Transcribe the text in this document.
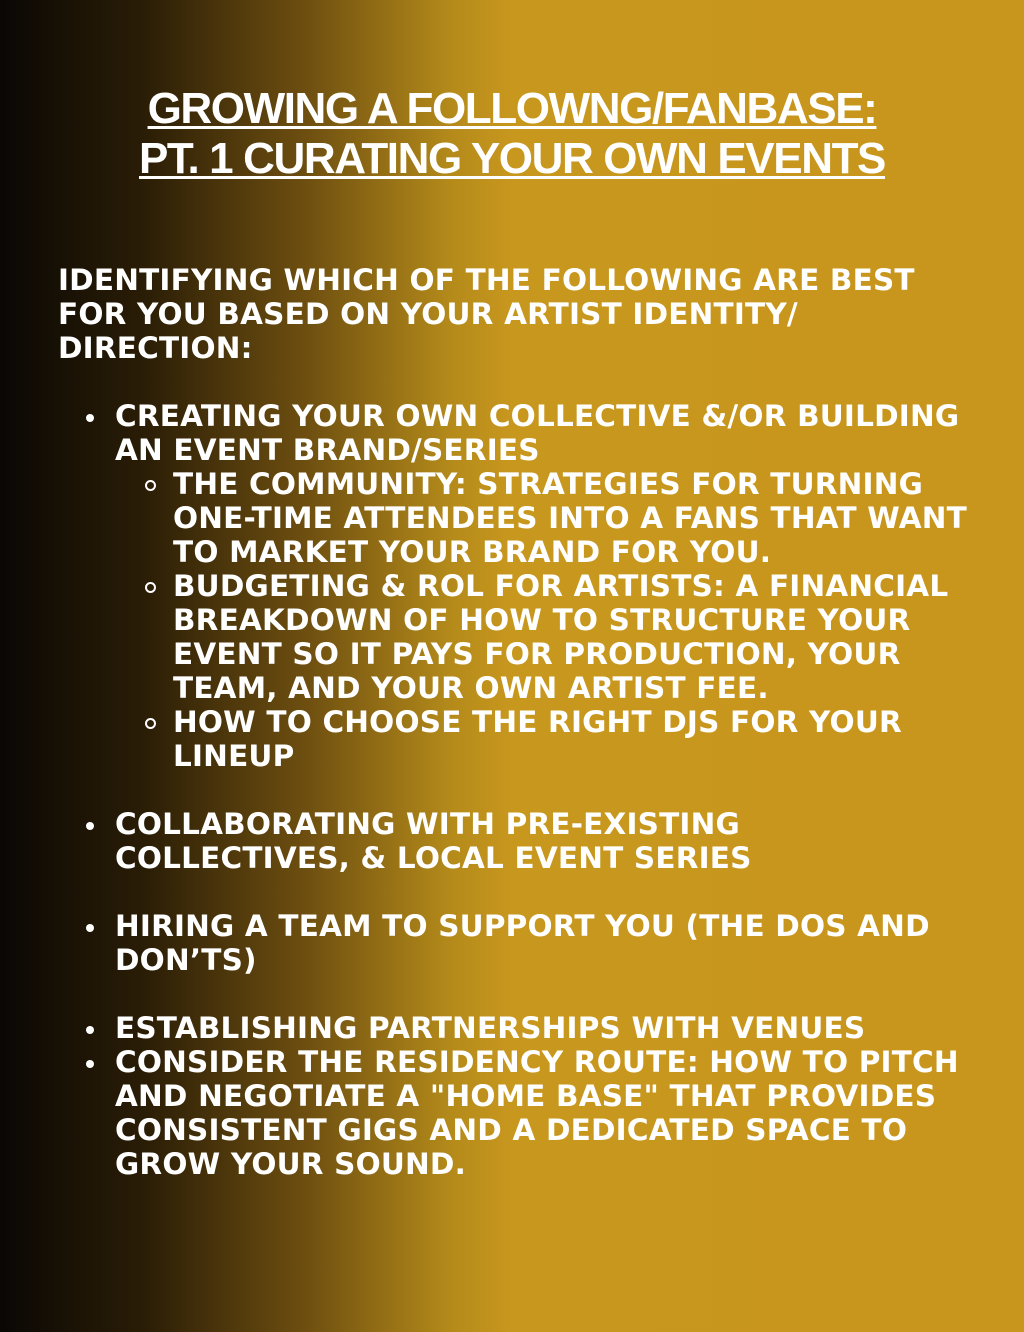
GROWING A FOLLOWNG/FANBASE:
PT. 1 CURATING YOUR OWN EVENTS

IDENTIFYING WHICH OF THE FOLLOWING ARE BEST FOR YOU BASED ON YOUR ARTIST IDENTITY/ DIRECTION:

CREATING YOUR OWN COLLECTIVE &/OR BUILDING AN EVENT BRAND/SERIES
THE COMMUNITY: STRATEGIES FOR TURNING ONE-TIME ATTENDEES INTO A FANS THAT WANT TO MARKET YOUR BRAND FOR YOU.
BUDGETING & ROL FOR ARTISTS: A FINANCIAL BREAKDOWN OF HOW TO STRUCTURE YOUR EVENT SO IT PAYS FOR PRODUCTION, YOUR TEAM, AND YOUR OWN ARTIST FEE.
HOW TO CHOOSE THE RIGHT DJS FOR YOUR LINEUP
COLLABORATING WITH PRE-EXISTING COLLECTIVES, & LOCAL EVENT SERIES
HIRING A TEAM TO SUPPORT YOU (THE DOS AND DON’TS)
ESTABLISHING PARTNERSHIPS WITH VENUES
CONSIDER THE RESIDENCY ROUTE: HOW TO PITCH AND NEGOTIATE A "HOME BASE" THAT PROVIDES CONSISTENT GIGS AND A DEDICATED SPACE TO GROW YOUR SOUND.
